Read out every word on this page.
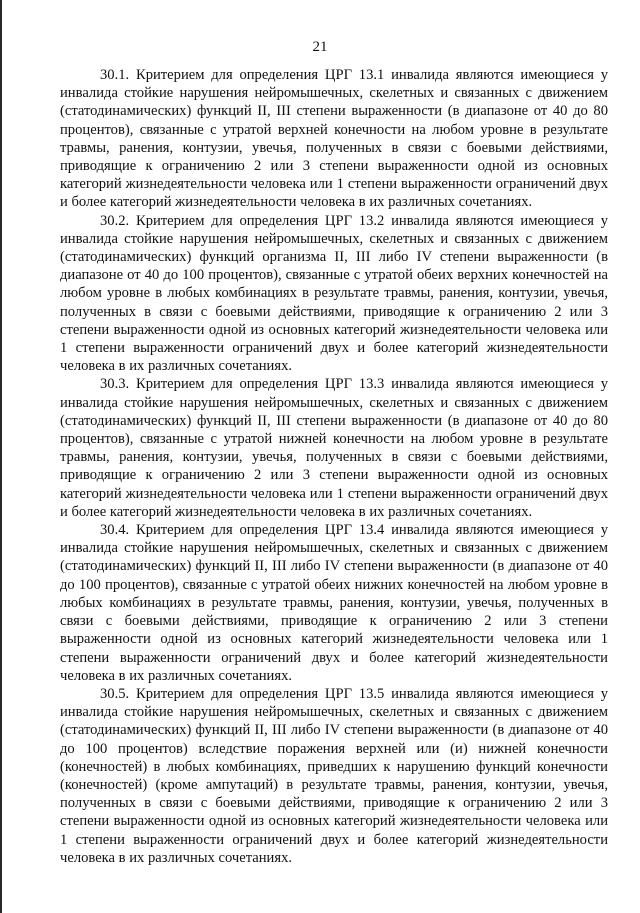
21

30.1. Критерием для определения ЦРГ 13.1 инвалида являются имеющиеся у инвалида стойкие нарушения нейромышечных, скелетных и связанных с движением (статодинамических) функций II, III степени выраженности (в диапазоне от 40 до 80 процентов), связанные с утратой верхней конечности на любом уровне в результате травмы, ранения, контузии, увечья, полученных в связи с боевыми действиями, приводящие к ограничению 2 или 3 степени выраженности одной из основных категорий жизнедеятельности человека или 1 степени выраженности ограничений двух и более категорий жизнедеятельности человека в их различных сочетаниях.

30.2. Критерием для определения ЦРГ 13.2 инвалида являются имеющиеся у инвалида стойкие нарушения нейромышечных, скелетных и связанных с движением (статодинамических) функций организма II, III либо IV степени выраженности (в диапазоне от 40 до 100 процентов), связанные с утратой обеих верхних конечностей на любом уровне в любых комбинациях в результате травмы, ранения, контузии, увечья, полученных в связи с боевыми действиями, приводящие к ограничению 2 или 3 степени выраженности одной из основных категорий жизнедеятельности человека или 1 степени выраженности ограничений двух и более категорий жизнедеятельности человека в их различных сочетаниях.

30.3. Критерием для определения ЦРГ 13.3 инвалида являются имеющиеся у инвалида стойкие нарушения нейромышечных, скелетных и связанных с движением (статодинамических) функций II, III степени выраженности (в диапазоне от 40 до 80 процентов), связанные с утратой нижней конечности на любом уровне в результате травмы, ранения, контузии, увечья, полученных в связи с боевыми действиями, приводящие к ограничению 2 или 3 степени выраженности одной из основных категорий жизнедеятельности человека или 1 степени выраженности ограничений двух и более категорий жизнедеятельности человека в их различных сочетаниях.

30.4. Критерием для определения ЦРГ 13.4 инвалида являются имеющиеся у инвалида стойкие нарушения нейромышечных, скелетных и связанных с движением (статодинамических) функций II, III либо IV степени выраженности (в диапазоне от 40 до 100 процентов), связанные с утратой обеих нижних конечностей на любом уровне в любых комбинациях в результате травмы, ранения, контузии, увечья, полученных в связи с боевыми действиями, приводящие к ограничению 2 или 3 степени выраженности одной из основных категорий жизнедеятельности человека или 1 степени выраженности ограничений двух и более категорий жизнедеятельности человека в их различных сочетаниях.

30.5. Критерием для определения ЦРГ 13.5 инвалида являются имеющиеся у инвалида стойкие нарушения нейромышечных, скелетных и связанных с движением (статодинамических) функций II, III либо IV степени выраженности (в диапазоне от 40 до 100 процентов) вследствие поражения верхней или (и) нижней конечности (конечностей) в любых комбинациях, приведших к нарушению функций конечности (конечностей) (кроме ампутаций) в результате травмы, ранения, контузии, увечья, полученных в связи с боевыми действиями, приводящие к ограничению 2 или 3 степени выраженности одной из основных категорий жизнедеятельности человека или 1 степени выраженности ограничений двух и более категорий жизнедеятельности человека в их различных сочетаниях.
